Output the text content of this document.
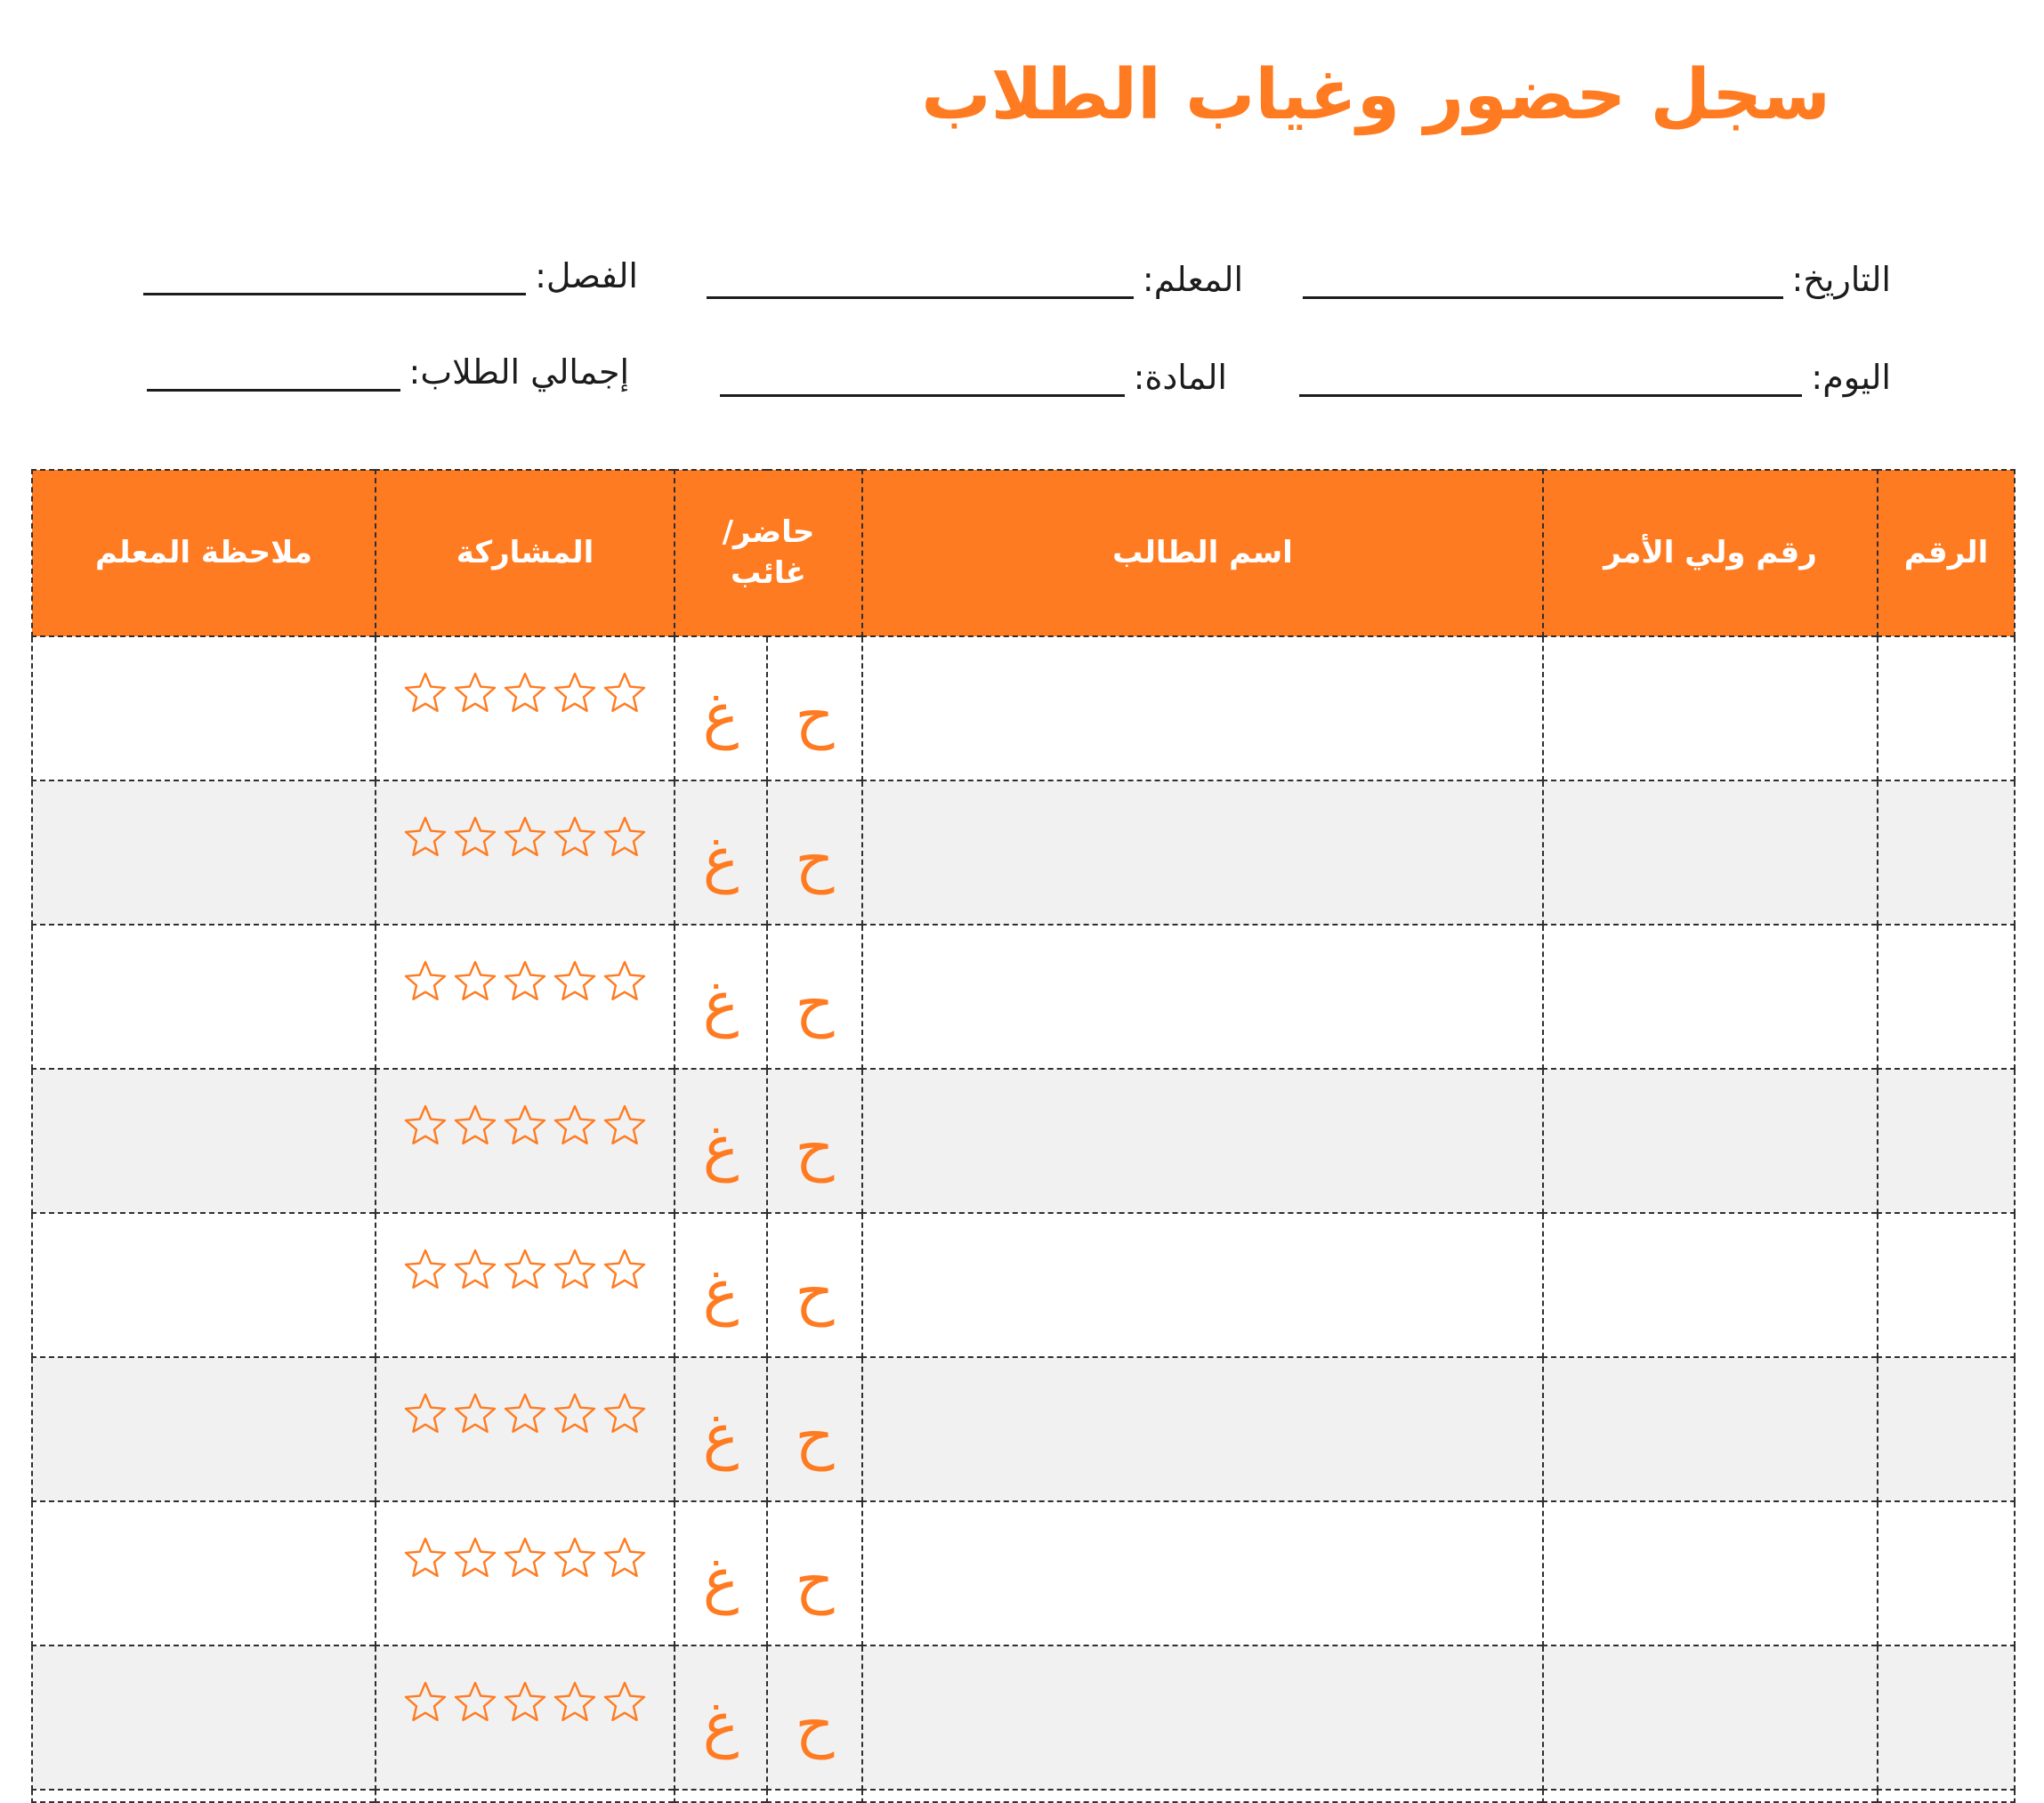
سجل حضور وغياب الطلاب
التاريخ:
المعلم:
الفصل:
اليوم:
المادة:
إجمالي الطلاب:
الرقم	رقم ولي الأمر	اسم الطالب	حاضر/ غائب		المشاركة	ملاحظة المعلم
			ح	غ	

			ح	غ	

			ح	غ	

			ح	غ	

			ح	غ	

			ح	غ	

			ح	غ	

			ح	غ	
